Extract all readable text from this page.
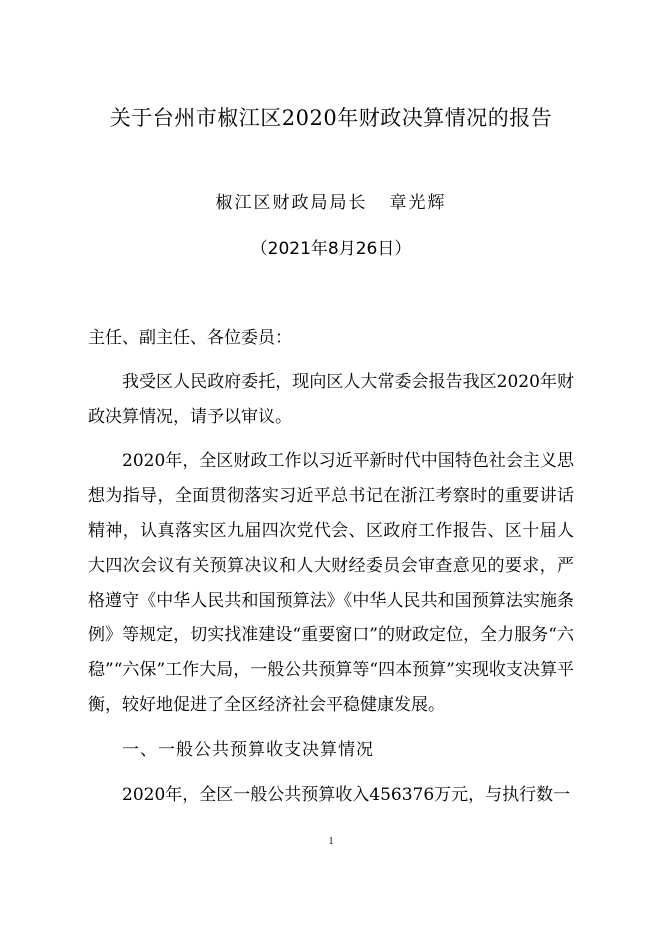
关于台州市椒江区2020年财政决算情况的报告
椒江区财政局局长 章光辉
（2021年8月26日）

主任、副主任、各位委员：

我受区人民政府委托，现向区人大常委会报告我区2020年财政决算情况，请予以审议。

2020年，全区财政工作以习近平新时代中国特色社会主义思想为指导，全面贯彻落实习近平总书记在浙江考察时的重要讲话精神，认真落实区九届四次党代会、区政府工作报告、区十届人大四次会议有关预算决议和人大财经委员会审查意见的要求，严格遵守《中华人民共和国预算法》《中华人民共和国预算法实施条例》等规定，切实找准建设“重要窗口”的财政定位，全力服务“六稳”“六保”工作大局，一般公共预算等“四本预算”实现收支决算平衡，较好地促进了全区经济社会平稳健康发展。

一、一般公共预算收支决算情况

2020年，全区一般公共预算收入456376万元，与执行数一

1
